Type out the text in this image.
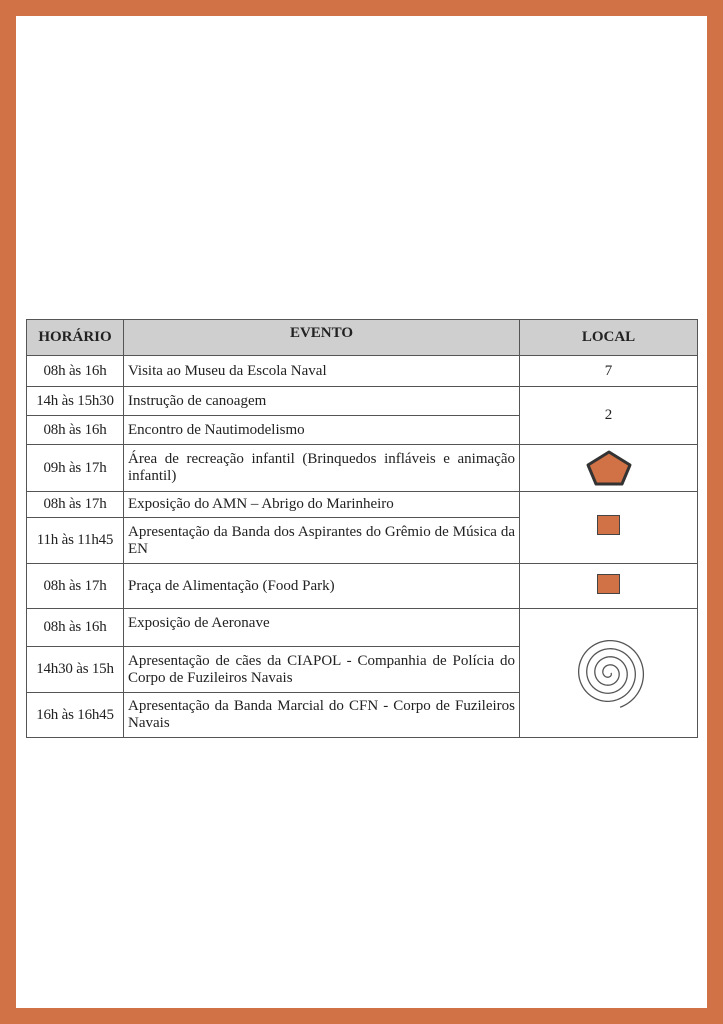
HORÁRIO	EVENTO	LOCAL
08h às 16h	Visita ao Museu da Escola Naval	7
14h às 15h30	Instrução de canoagem	2
08h às 16h	Encontro de Nautimodelismo	
09h às 17h	Área de recreação infantil (Brinquedos infláveis e animação infantil)	

08h às 17h	Exposição do AMN – Abrigo do Marinheiro	
11h às 11h45	Apresentação da Banda dos Aspirantes do Grêmio de Música da EN	
08h às 17h	Praça de Alimentação (Food Park)	
08h às 16h	Exposição de Aeronave	

14h30 às 15h	Apresentação de cães da CIAPOL - Companhia de Polícia do Corpo de Fuzileiros Navais	
16h às 16h45	Apresentação da Banda Marcial do CFN - Corpo de Fuzileiros Navais	
